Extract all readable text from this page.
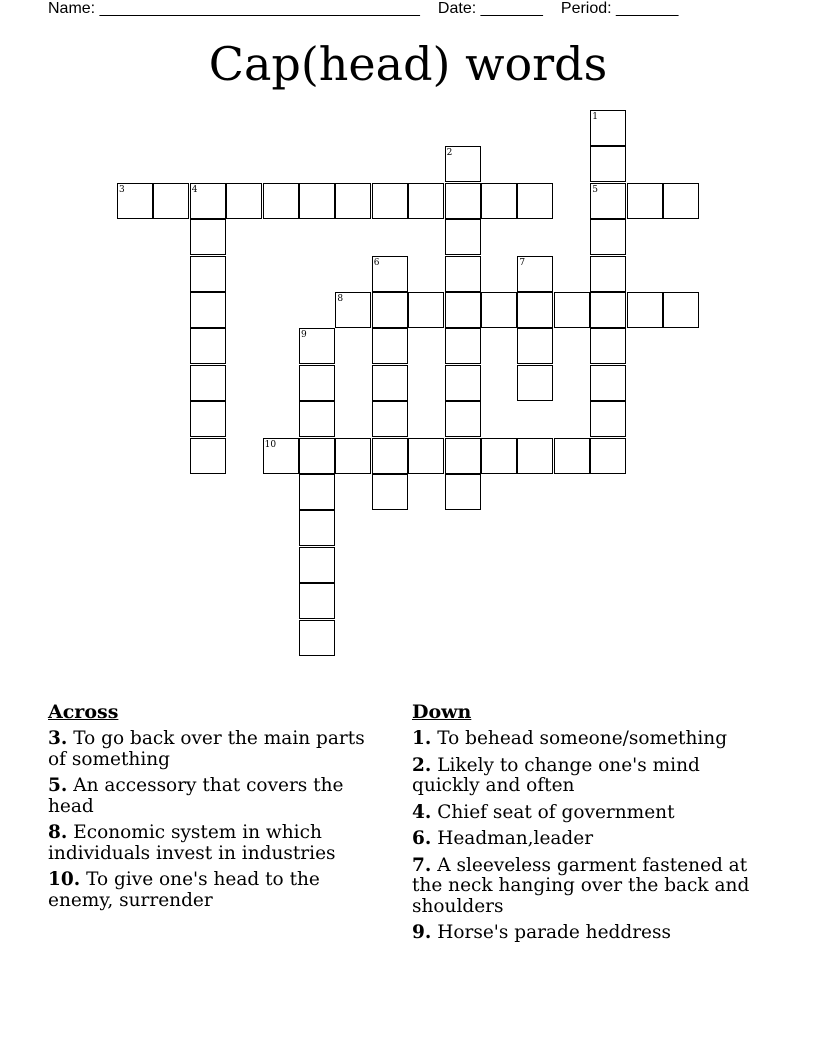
Name: ____________________________________ Date: _______ Period: _______
Cap(head) words
1
2
3	4	5
6	7
8
9
10
Across
3. To go back over the main parts of something
5. An accessory that covers the head
8. Economic system in which individuals invest in industries
10. To give one's head to the enemy, surrender
Down
1. To behead someone/something
2. Likely to change one's mind quickly and often
4. Chief seat of government
6. Headman,leader
7. A sleeveless garment fastened at the neck hanging over the back and shoulders
9. Horse's parade heddress
